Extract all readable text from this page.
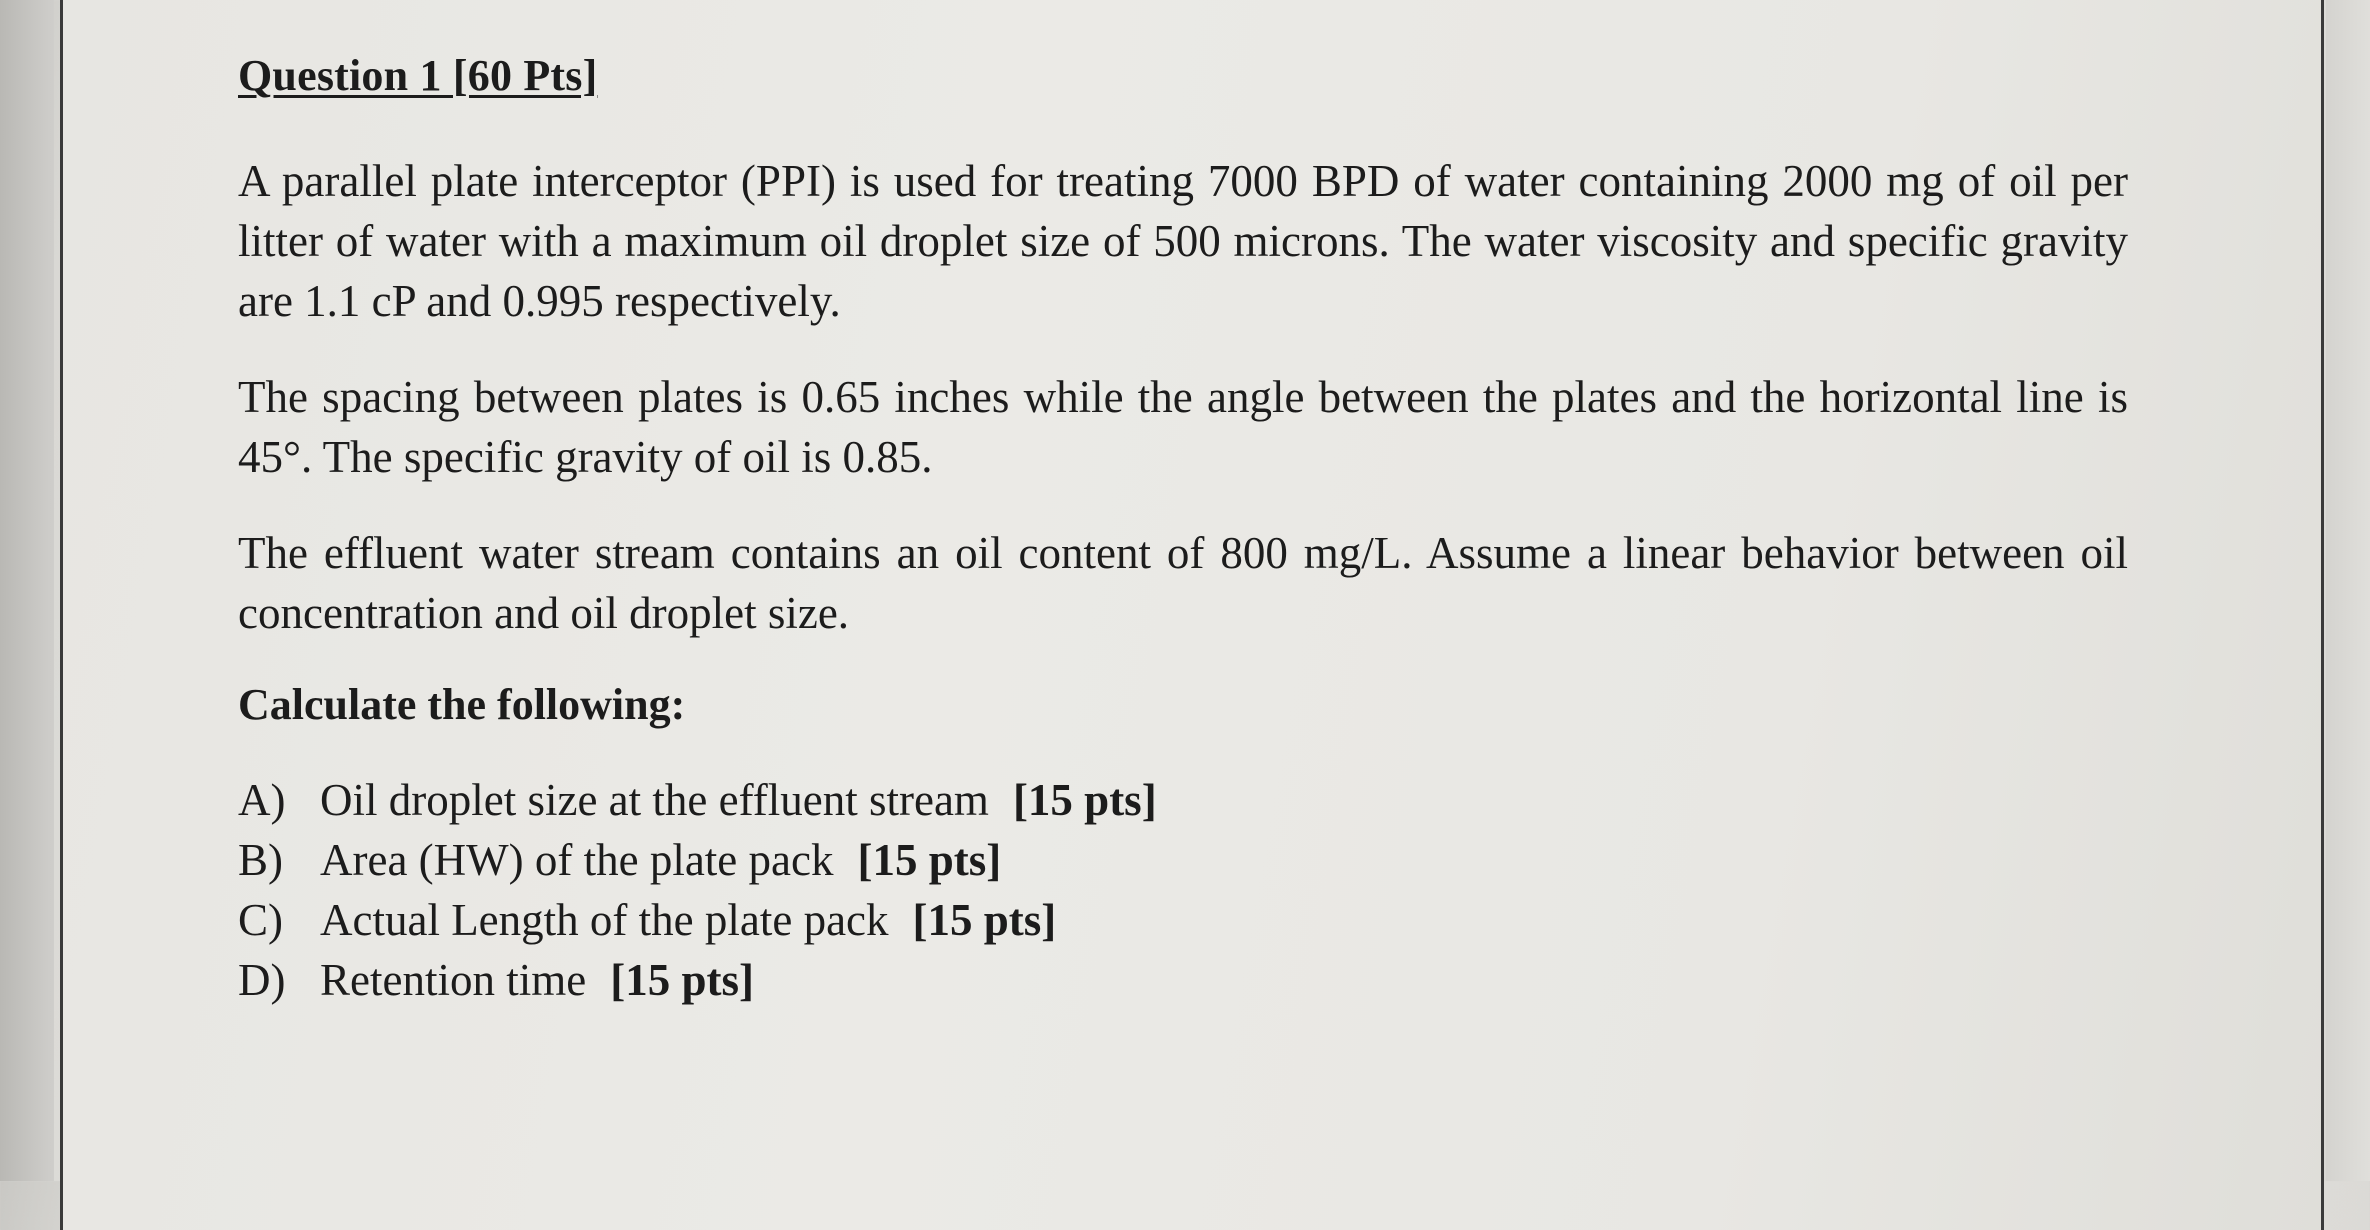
Question 1 [60 Pts]

A parallel plate interceptor (PPI) is used for treating 7000 BPD of water containing 2000 mg of oil per litter of water with a maximum oil droplet size of 500 microns. The water viscosity and specific gravity are 1.1 cP and 0.995 respectively.

The spacing between plates is 0.65 inches while the angle between the plates and the horizontal line is 45°. The specific gravity of oil is 0.85.

The effluent water stream contains an oil content of 800 mg/L. Assume a linear behavior between oil concentration and oil droplet size.

Calculate the following:
A) Oil droplet size at the effluent stream [15 pts]
B) Area (HW) of the plate pack [15 pts]
C) Actual Length of the plate pack [15 pts]
D) Retention time [15 pts]
